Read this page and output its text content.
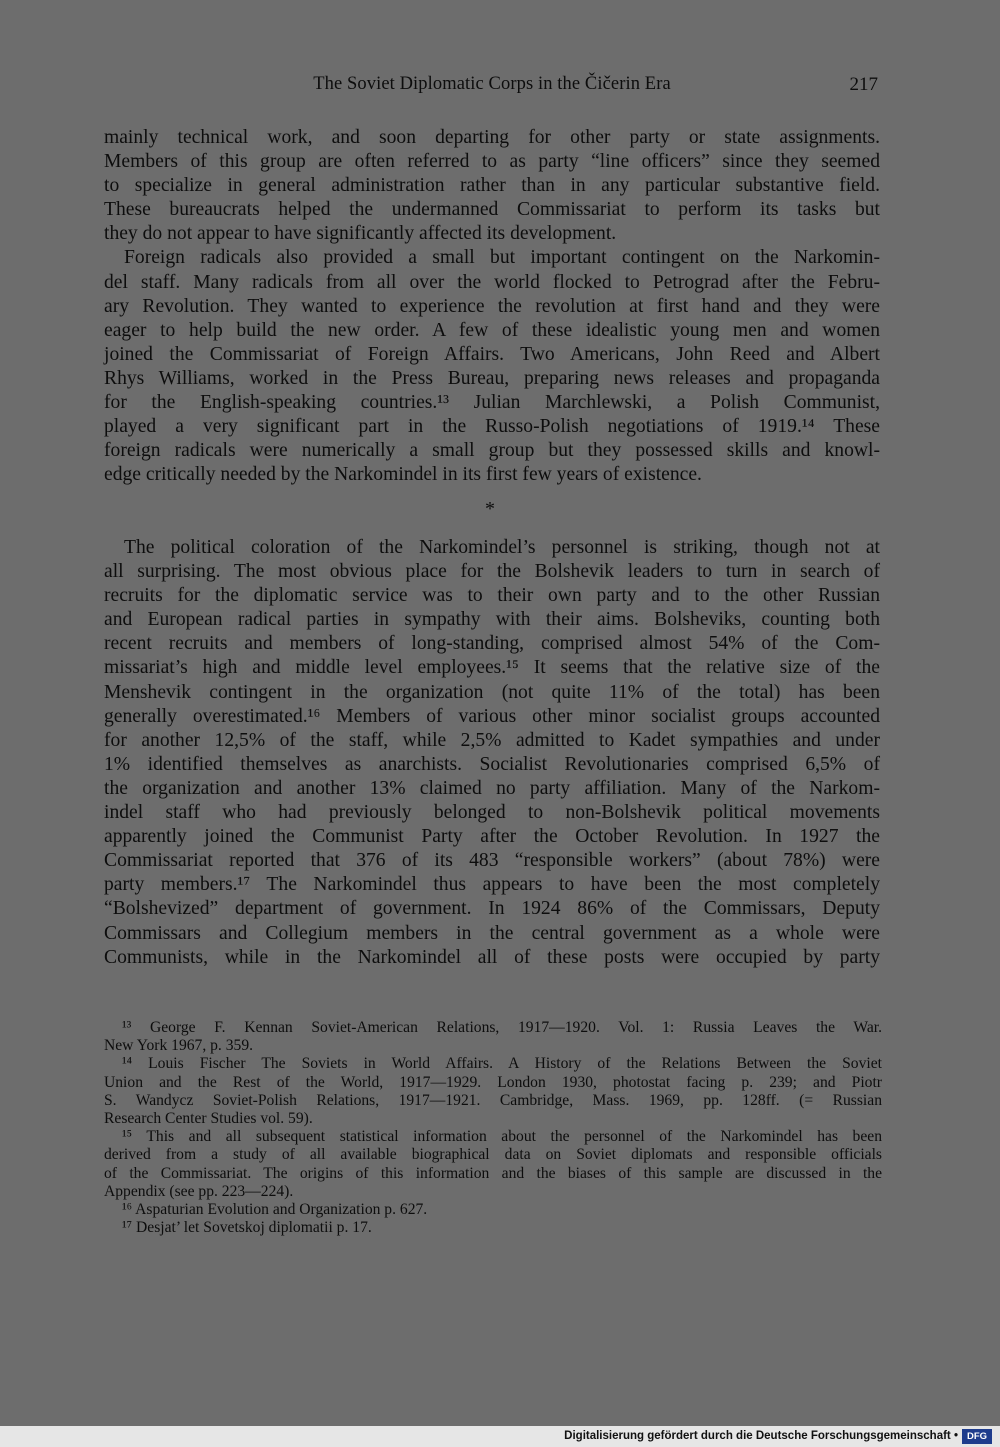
The Soviet Diplomatic Corps in the Čičerin Era	217
mainly technical work, and soon departing for other party or state assignments.
Members of this group are often referred to as party “line officers” since they seemed
to specialize in general administration rather than in any particular substantive field.
These bureaucrats helped the undermanned Commissariat to perform its tasks but
they do not appear to have significantly affected its development.
Foreign radicals also provided a small but important contingent on the Narkomin-
del staff. Many radicals from all over the world flocked to Petrograd after the Febru-
ary Revolution. They wanted to experience the revolution at first hand and they were
eager to help build the new order. A few of these idealistic young men and women
joined the Commissariat of Foreign Affairs. Two Americans, John Reed and Albert
Rhys Williams, worked in the Press Bureau, preparing news releases and propaganda
for the English-speaking countries.¹³ Julian Marchlewski, a Polish Communist,
played a very significant part in the Russo-Polish negotiations of 1919.¹⁴ These
foreign radicals were numerically a small group but they possessed skills and knowl-
edge critically needed by the Narkomindel in its first few years of existence.
*
The political coloration of the Narkomindel’s personnel is striking, though not at
all surprising. The most obvious place for the Bolshevik leaders to turn in search of
recruits for the diplomatic service was to their own party and to the other Russian
and European radical parties in sympathy with their aims. Bolsheviks, counting both
recent recruits and members of long-standing, comprised almost 54% of the Com-
missariat’s high and middle level employees.¹⁵ It seems that the relative size of the
Menshevik contingent in the organization (not quite 11% of the total) has been
generally overestimated.¹⁶ Members of various other minor socialist groups accounted
for another 12,5% of the staff, while 2,5% admitted to Kadet sympathies and under
1% identified themselves as anarchists. Socialist Revolutionaries comprised 6,5% of
the organization and another 13% claimed no party affiliation. Many of the Narkom-
indel staff who had previously belonged to non-Bolshevik political movements
apparently joined the Communist Party after the October Revolution. In 1927 the
Commissariat reported that 376 of its 483 “responsible workers” (about 78%) were
party members.¹⁷ The Narkomindel thus appears to have been the most completely
“Bolshevized” department of government. In 1924 86% of the Commissars, Deputy
Commissars and Collegium members in the central government as a whole were
Communists, while in the Narkomindel all of these posts were occupied by party
¹³ George F. Kennan Soviet-American Relations, 1917—1920. Vol. 1: Russia Leaves the War.
New York 1967, p. 359.
¹⁴ Louis Fischer The Soviets in World Affairs. A History of the Relations Between the Soviet
Union and the Rest of the World, 1917—1929. London 1930, photostat facing p. 239; and Piotr
S. Wandycz Soviet-Polish Relations, 1917—1921. Cambridge, Mass. 1969, pp. 128ff. (= Russian
Research Center Studies vol. 59).
¹⁵ This and all subsequent statistical information about the personnel of the Narkomindel has been
derived from a study of all available biographical data on Soviet diplomats and responsible officials
of the Commissariat. The origins of this information and the biases of this sample are discussed in the
Appendix (see pp. 223—224).
¹⁶ Aspaturian Evolution and Organization p. 627.
¹⁷ Desjat’ let Sovetskoj diplomatii p. 17.
Digitalisierung gefördert durch die Deutsche Forschungsgemeinschaft • DFG
